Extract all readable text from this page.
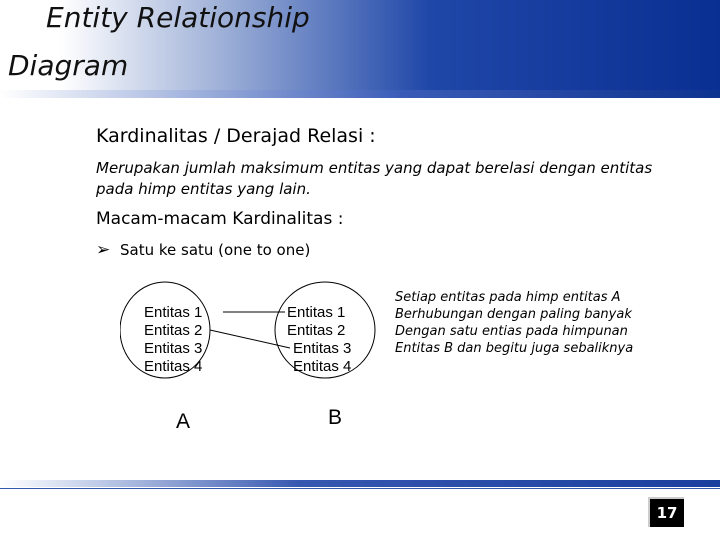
Entity Relationship
Diagram
Kardinalitas / Derajad Relasi :
Merupakan jumlah maksimum entitas yang dapat berelasi dengan entitas pada himp entitas yang lain.
Macam-macam Kardinalitas :
➢ Satu ke satu (one to one)
Entitas 1
Entitas 2
Entitas 3
Entitas 4
Entitas 1
Entitas 2
Entitas 3
Entitas 4
A	B
Setiap entitas pada himp entitas A
Berhubungan dengan paling banyak
Dengan satu entias pada himpunan
Entitas B dan begitu juga sebaliknya
17
